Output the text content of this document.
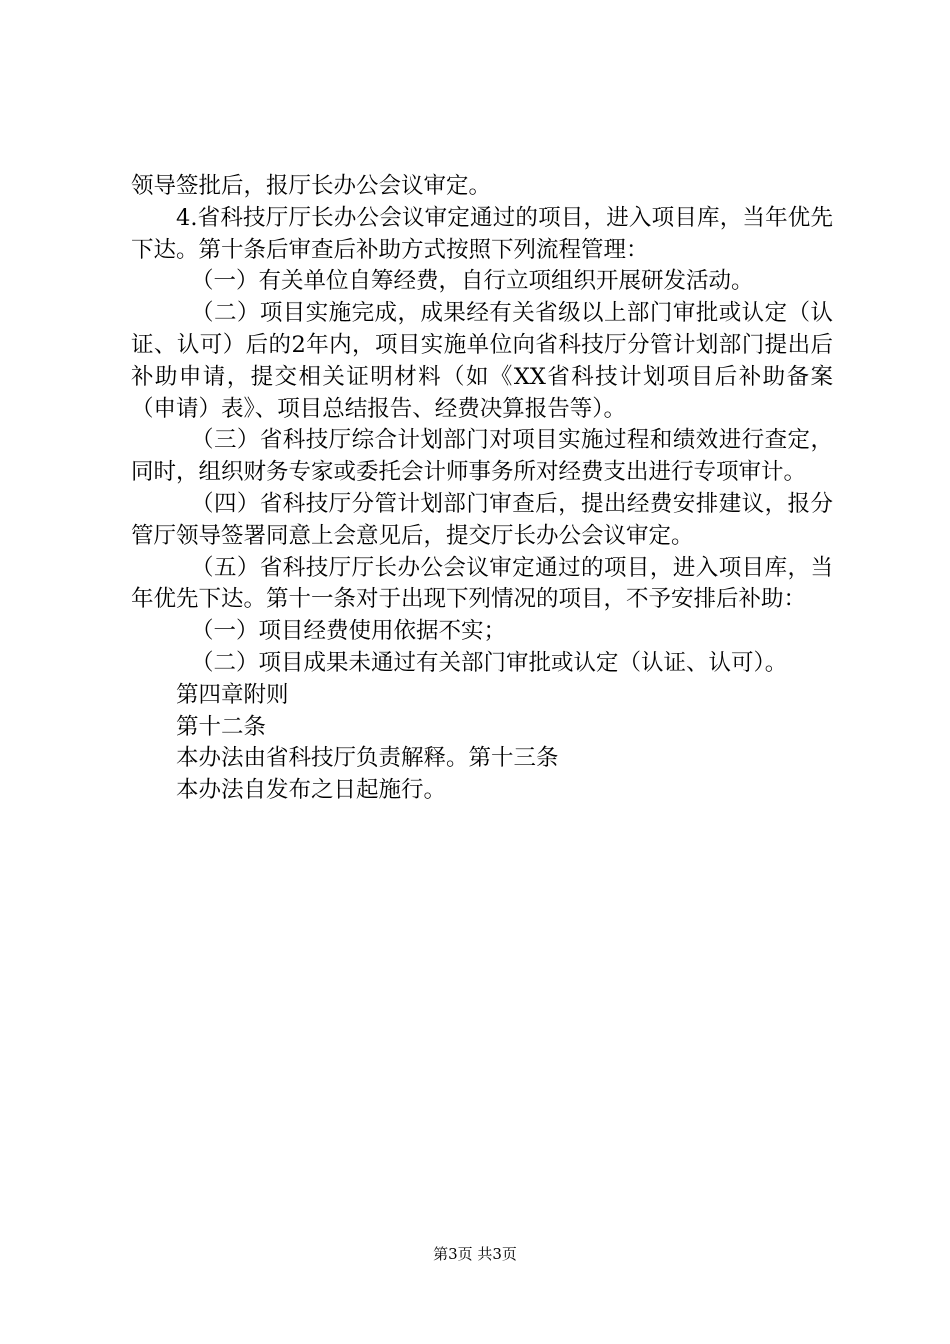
领导签批后，报厅长办公会议审定。

4.省科技厅厅长办公会议审定通过的项目，进入项目库，当年优先下达。第十条后审查后补助方式按照下列流程管理：

（一）有关单位自筹经费，自行立项组织开展研发活动。

（二）项目实施完成，成果经有关省级以上部门审批或认定（认证、认可）后的2年内，项目实施单位向省科技厅分管计划部门提出后补助申请，提交相关证明材料（如《XX省科技计划项目后补助备案（申请）表》、项目总结报告、经费决算报告等）。

（三）省科技厅综合计划部门对项目实施过程和绩效进行查定，同时，组织财务专家或委托会计师事务所对经费支出进行专项审计。

（四）省科技厅分管计划部门审查后，提出经费安排建议，报分管厅领导签署同意上会意见后，提交厅长办公会议审定。

（五）省科技厅厅长办公会议审定通过的项目，进入项目库，当年优先下达。第十一条对于出现下列情况的项目，不予安排后补助：

（一）项目经费使用依据不实；

（二）项目成果未通过有关部门审批或认定（认证、认可）。

第四章附则

第十二条

本办法由省科技厅负责解释。第十三条

本办法自发布之日起施行。

第3页 共3页
